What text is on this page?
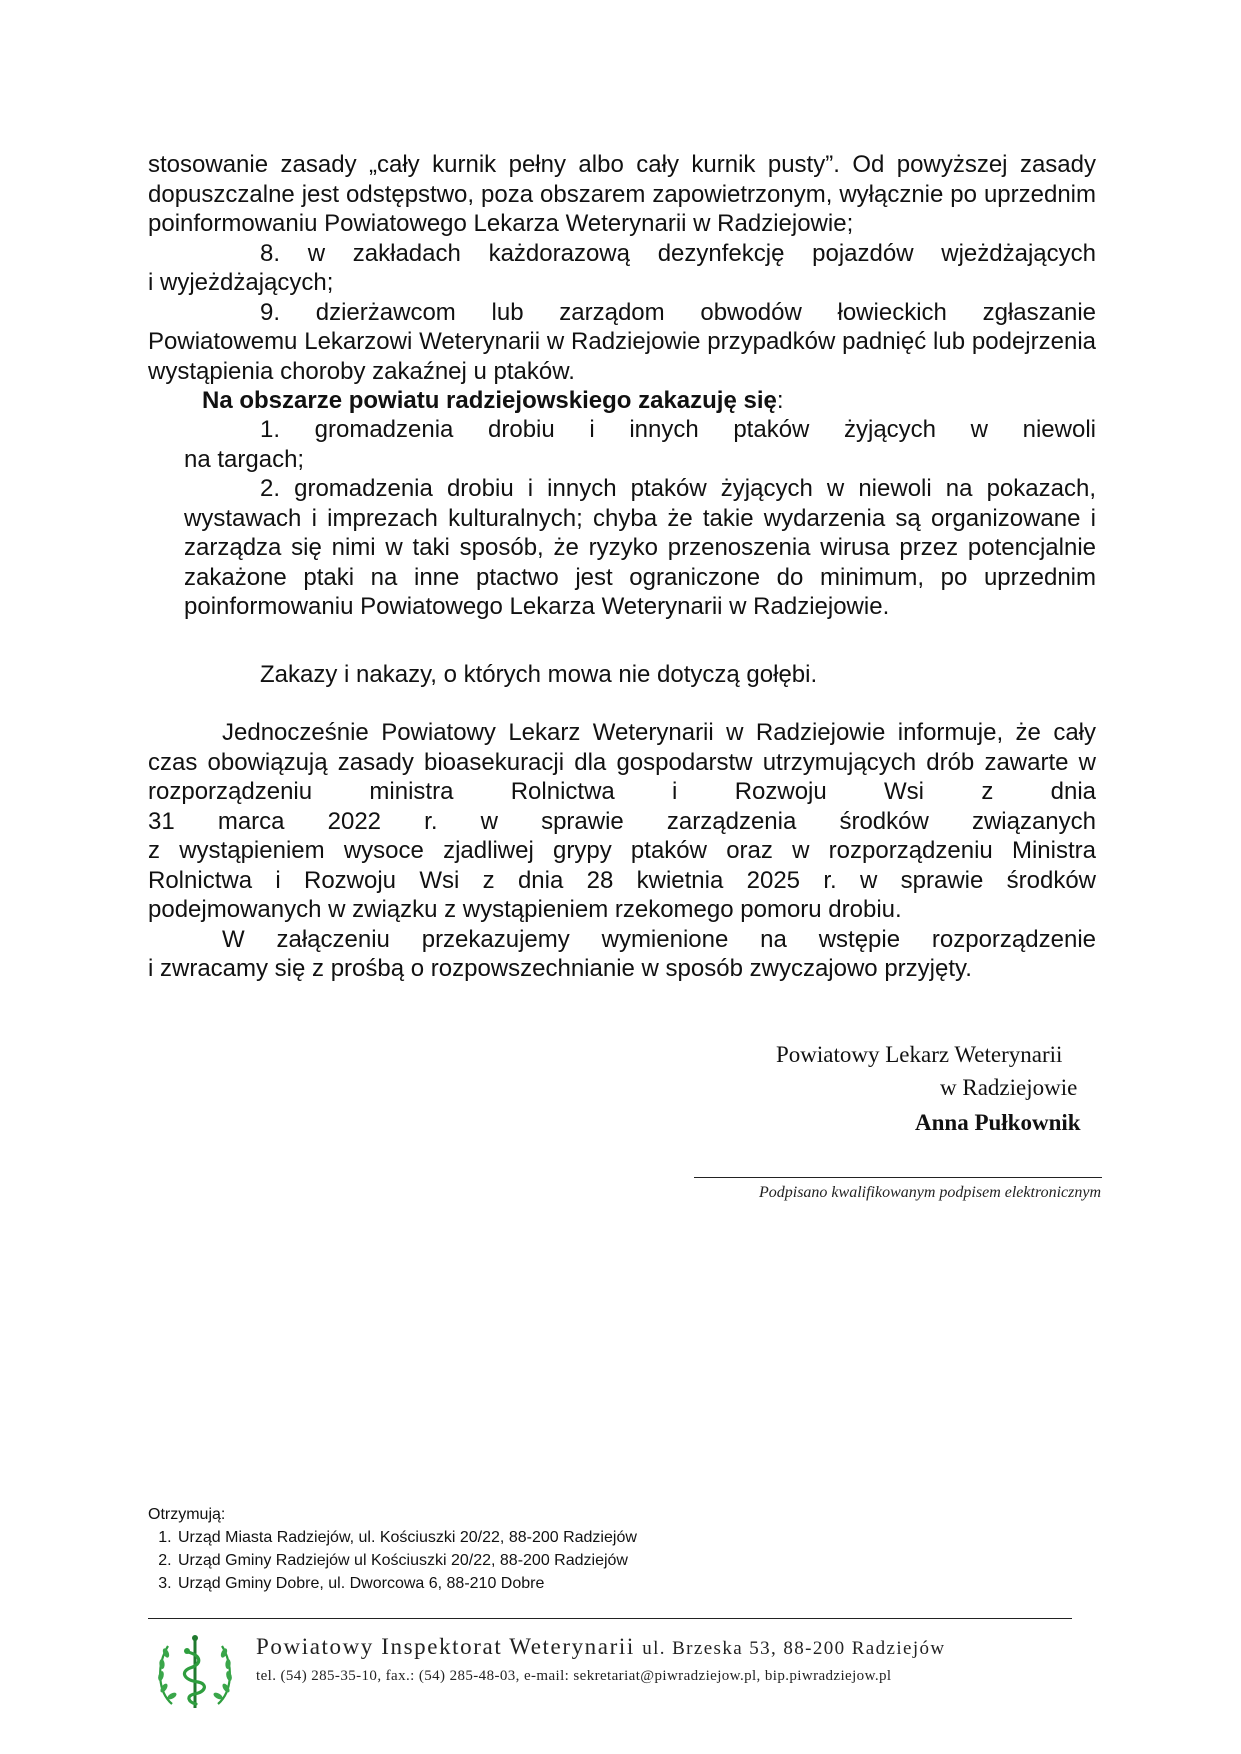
stosowanie zasady „cały kurnik pełny albo cały kurnik pusty”. Od powyższej zasady dopuszczalne jest odstępstwo, poza obszarem zapowietrzonym, wyłącznie po uprzednim poinformowaniu Powiatowego Lekarza Weterynarii w Radziejowie;

8. w zakładach każdorazową dezynfekcję pojazdów wjeżdżających

i wyjeżdżających;

9. dzierżawcom lub zarządom obwodów łowieckich zgłaszanie

Powiatowemu Lekarzowi Weterynarii w Radziejowie przypadków padnięć lub podejrzenia wystąpienia choroby zakaźnej u ptaków.

Na obszarze powiatu radziejowskiego zakazuję się:

1. gromadzenia drobiu i innych ptaków żyjących w niewoli

na targach;

2. gromadzenia drobiu i innych ptaków żyjących w niewoli na pokazach,

wystawach i imprezach kulturalnych; chyba że takie wydarzenia są organizowane i zarządza się nimi w taki sposób, że ryzyko przenoszenia wirusa przez potencjalnie zakażone ptaki na inne ptactwo jest ograniczone do minimum, po uprzednim poinformowaniu Powiatowego Lekarza Weterynarii w Radziejowie.

Zakazy i nakazy, o których mowa nie dotyczą gołębi.

Jednocześnie Powiatowy Lekarz Weterynarii w Radziejowie informuje, że cały

czas obowiązują zasady bioasekuracji dla gospodarstw utrzymujących drób zawarte w

rozporządzeniu ministra Rolnictwa i Rozwoju Wsi z dnia

31 marca 2022 r. w sprawie zarządzenia środków związanych

z wystąpieniem wysoce zjadliwej grypy ptaków oraz w rozporządzeniu Ministra

Rolnictwa i Rozwoju Wsi z dnia 28 kwietnia 2025 r. w sprawie środków

podejmowanych w związku z wystąpieniem rzekomego pomoru drobiu.

W załączeniu przekazujemy wymienione na wstępie rozporządzenie

i zwracamy się z prośbą o rozpowszechnianie w sposób zwyczajowo przyjęty.

Powiatowy Lekarz Weterynarii
w Radziejowie
Anna Pułkownik
Podpisano kwalifikowanym podpisem elektronicznym
Otrzymują:
1. Urząd Miasta Radziejów, ul. Kościuszki 20/22, 88-200 Radziejów
2. Urząd Gminy Radziejów ul Kościuszki 20/22, 88-200 Radziejów
3. Urząd Gminy Dobre, ul. Dworcowa 6, 88-210 Dobre
Powiatowy Inspektorat Weterynarii ul. Brzeska 53, 88-200 Radziejów
tel. (54) 285-35-10, fax.: (54) 285-48-03, e-mail: sekretariat@piwradziejow.pl, bip.piwradziejow.pl
